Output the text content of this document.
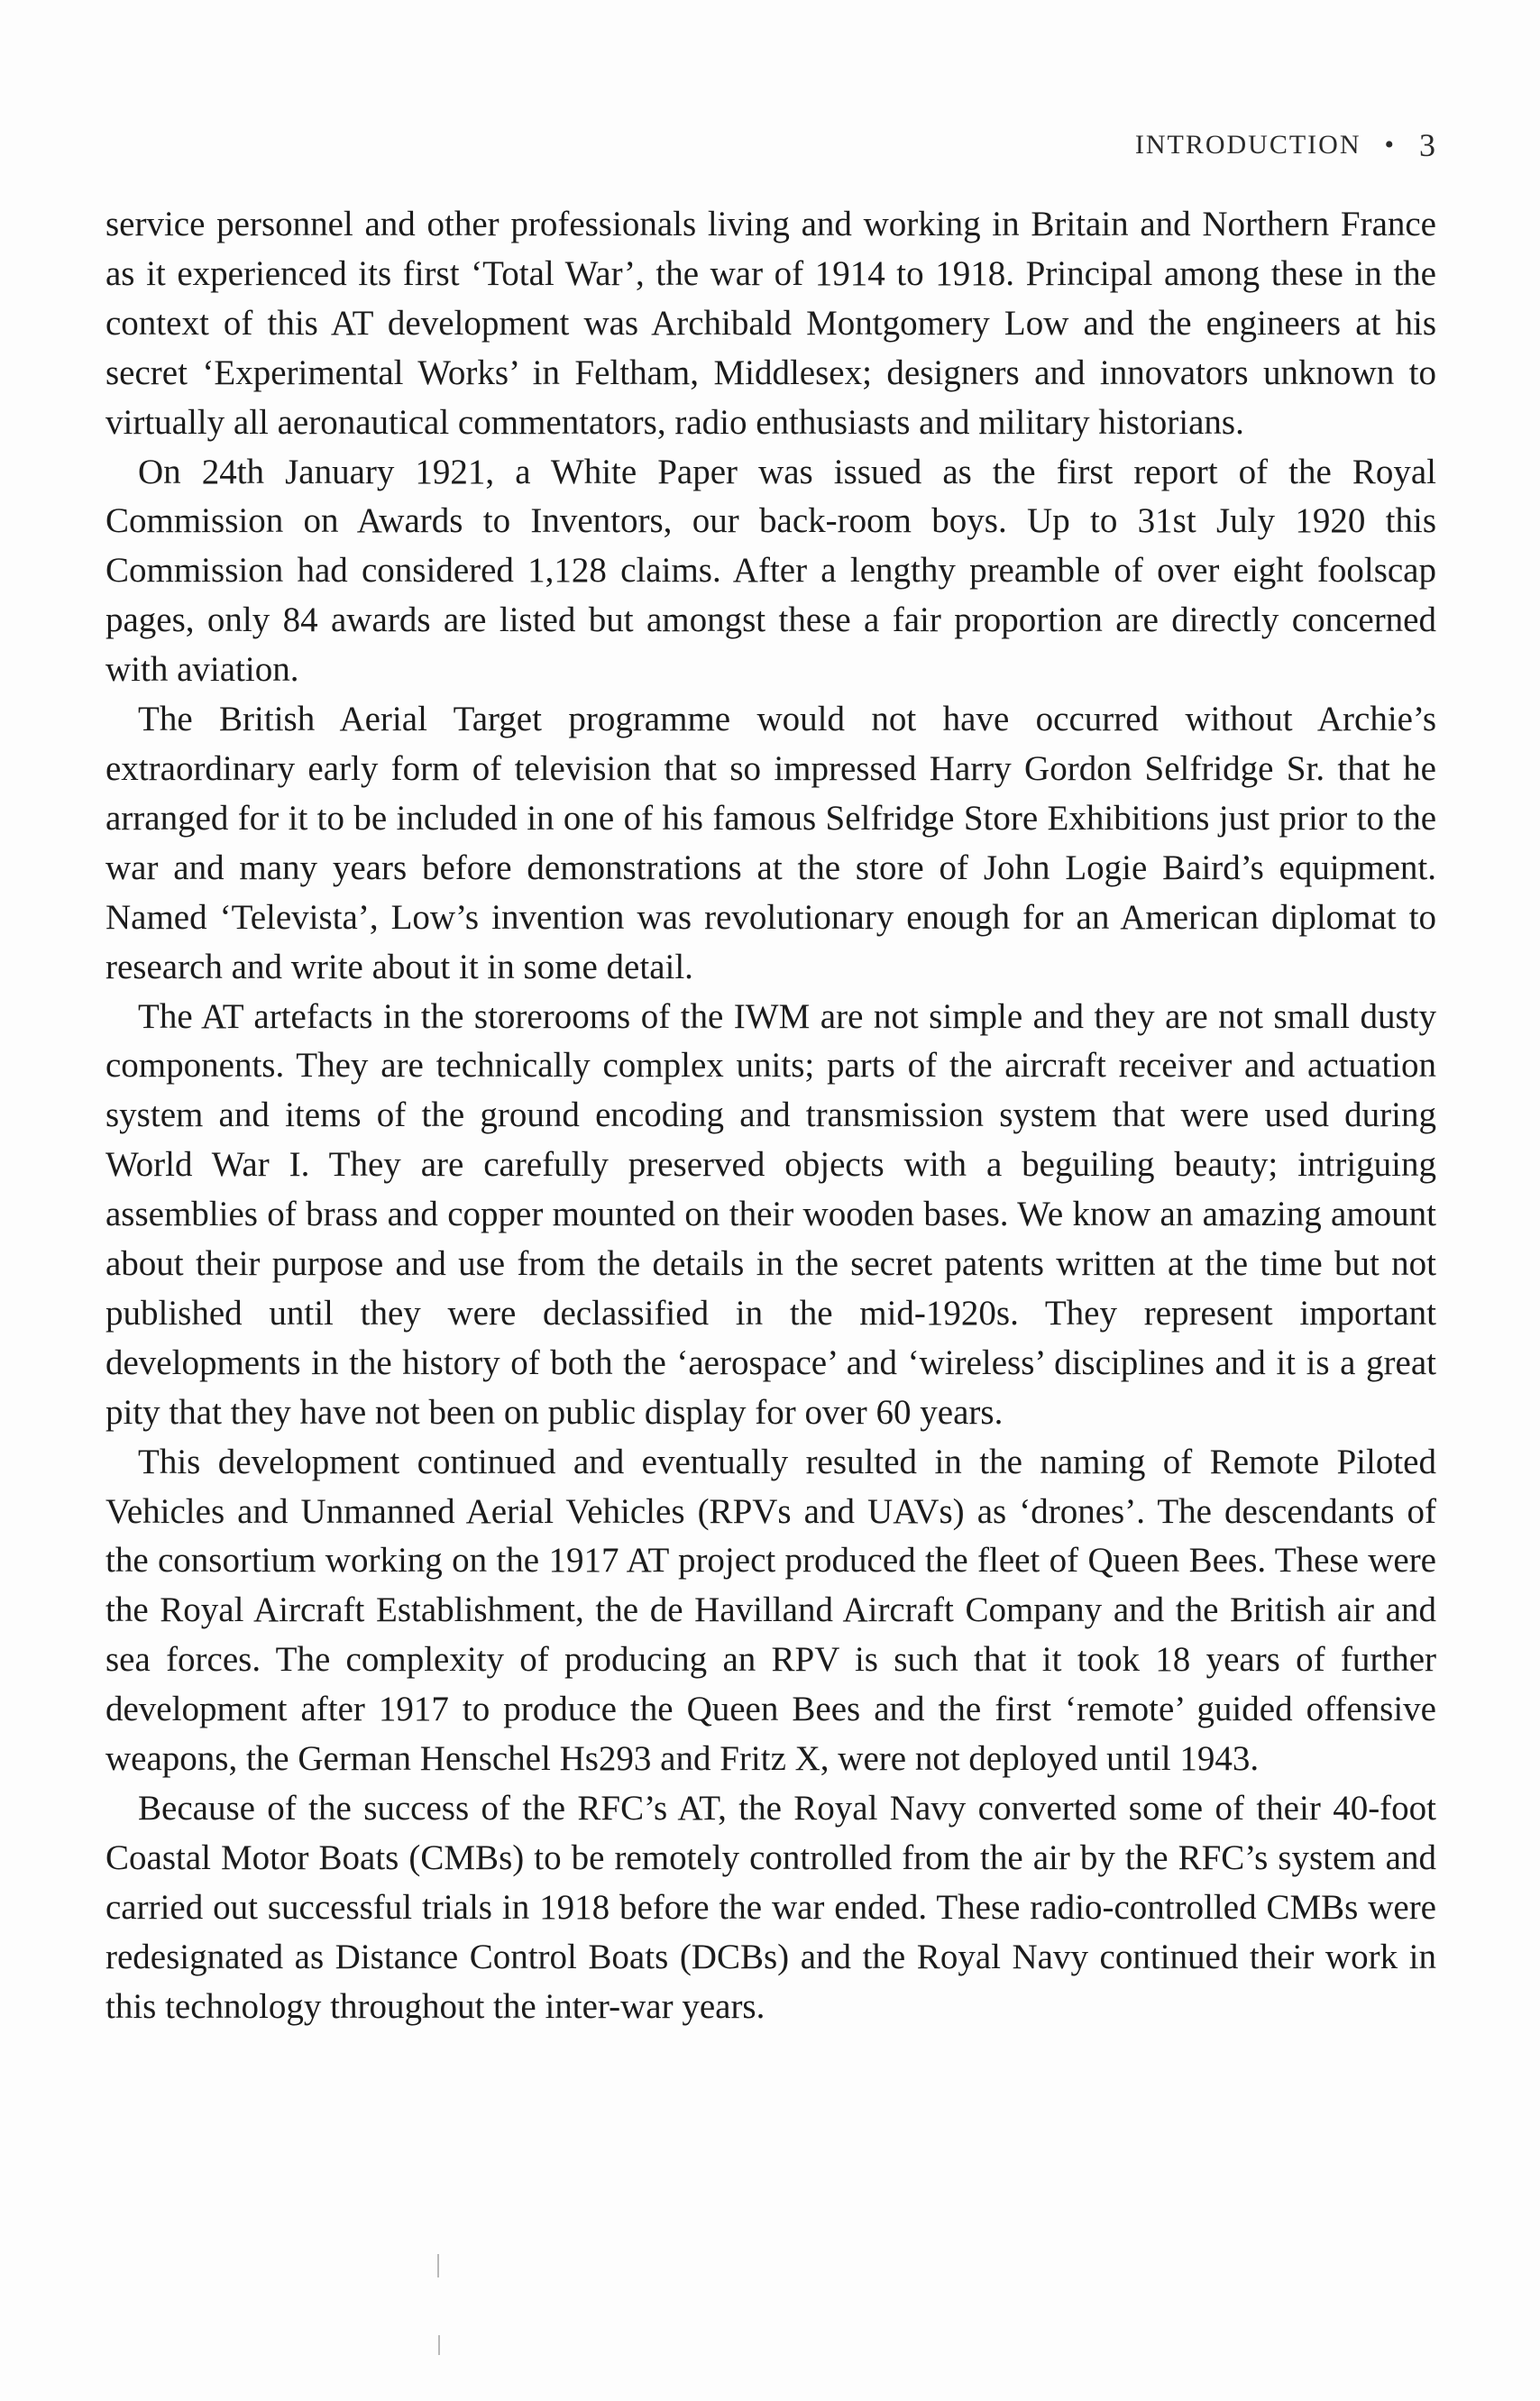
INTRODUCTION • 3

service personnel and other professionals living and working in Britain and Northern France as it experienced its first ‘Total War’, the war of 1914 to 1918. Principal among these in the context of this AT development was Archibald Montgomery Low and the engineers at his secret ‘Experimental Works’ in Feltham, Middlesex; designers and innovators unknown to virtually all aeronautical commentators, radio enthusiasts and military historians.

On 24th January 1921, a White Paper was issued as the first report of the Royal Commission on Awards to Inventors, our back-room boys. Up to 31st July 1920 this Commission had considered 1,128 claims. After a lengthy preamble of over eight foolscap pages, only 84 awards are listed but amongst these a fair proportion are directly concerned with aviation.

The British Aerial Target programme would not have occurred without Archie’s extraordinary early form of television that so impressed Harry Gordon Selfridge Sr. that he arranged for it to be included in one of his famous Selfridge Store Exhibitions just prior to the war and many years before demonstrations at the store of John Logie Baird’s equipment. Named ‘Televista’, Low’s invention was revolutionary enough for an American diplomat to research and write about it in some detail.

The AT artefacts in the storerooms of the IWM are not simple and they are not small dusty components. They are technically complex units; parts of the aircraft receiver and actuation system and items of the ground encoding and transmission system that were used during World War I. They are carefully preserved objects with a beguiling beauty; intriguing assemblies of brass and copper mounted on their wooden bases. We know an amazing amount about their purpose and use from the details in the secret patents written at the time but not published until they were declassified in the mid-1920s. They represent important developments in the history of both the ‘aerospace’ and ‘wireless’ disciplines and it is a great pity that they have not been on public display for over 60 years.

This development continued and eventually resulted in the naming of Remote Piloted Vehicles and Unmanned Aerial Vehicles (RPVs and UAVs) as ‘drones’. The descendants of the consortium working on the 1917 AT project produced the fleet of Queen Bees. These were the Royal Aircraft Establishment, the de Havilland Aircraft Company and the British air and sea forces. The complexity of producing an RPV is such that it took 18 years of further development after 1917 to produce the Queen Bees and the first ‘remote’ guided offensive weapons, the German Henschel Hs293 and Fritz X, were not deployed until 1943.

Because of the success of the RFC’s AT, the Royal Navy converted some of their 40-foot Coastal Motor Boats (CMBs) to be remotely controlled from the air by the RFC’s system and carried out successful trials in 1918 before the war ended. These radio-controlled CMBs were redesignated as Distance Control Boats (DCBs) and the Royal Navy continued their work in this technology throughout the inter-war years.
